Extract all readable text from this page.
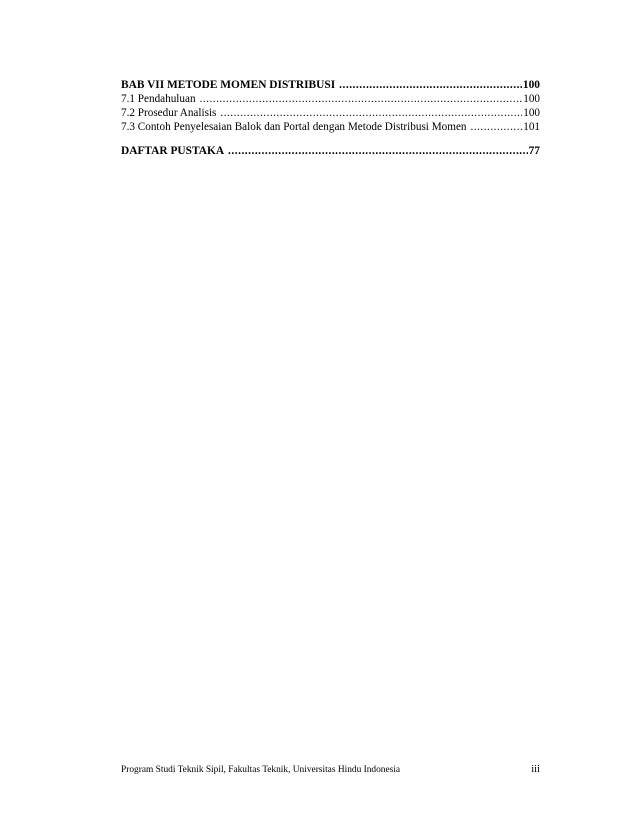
BAB VII METODE MOMEN DISTRIBUSI .....	100
7.1 Pendahuluan .....	100
7.2 Prosedur Analisis .....	100
7.3 Contoh Penyelesaian Balok dan Portal dengan Metode Distribusi Momen .....	101
DAFTAR PUSTAKA .....	77
Program Studi Teknik Sipil, Fakultas Teknik, Universitas Hindu Indonesia	iii
